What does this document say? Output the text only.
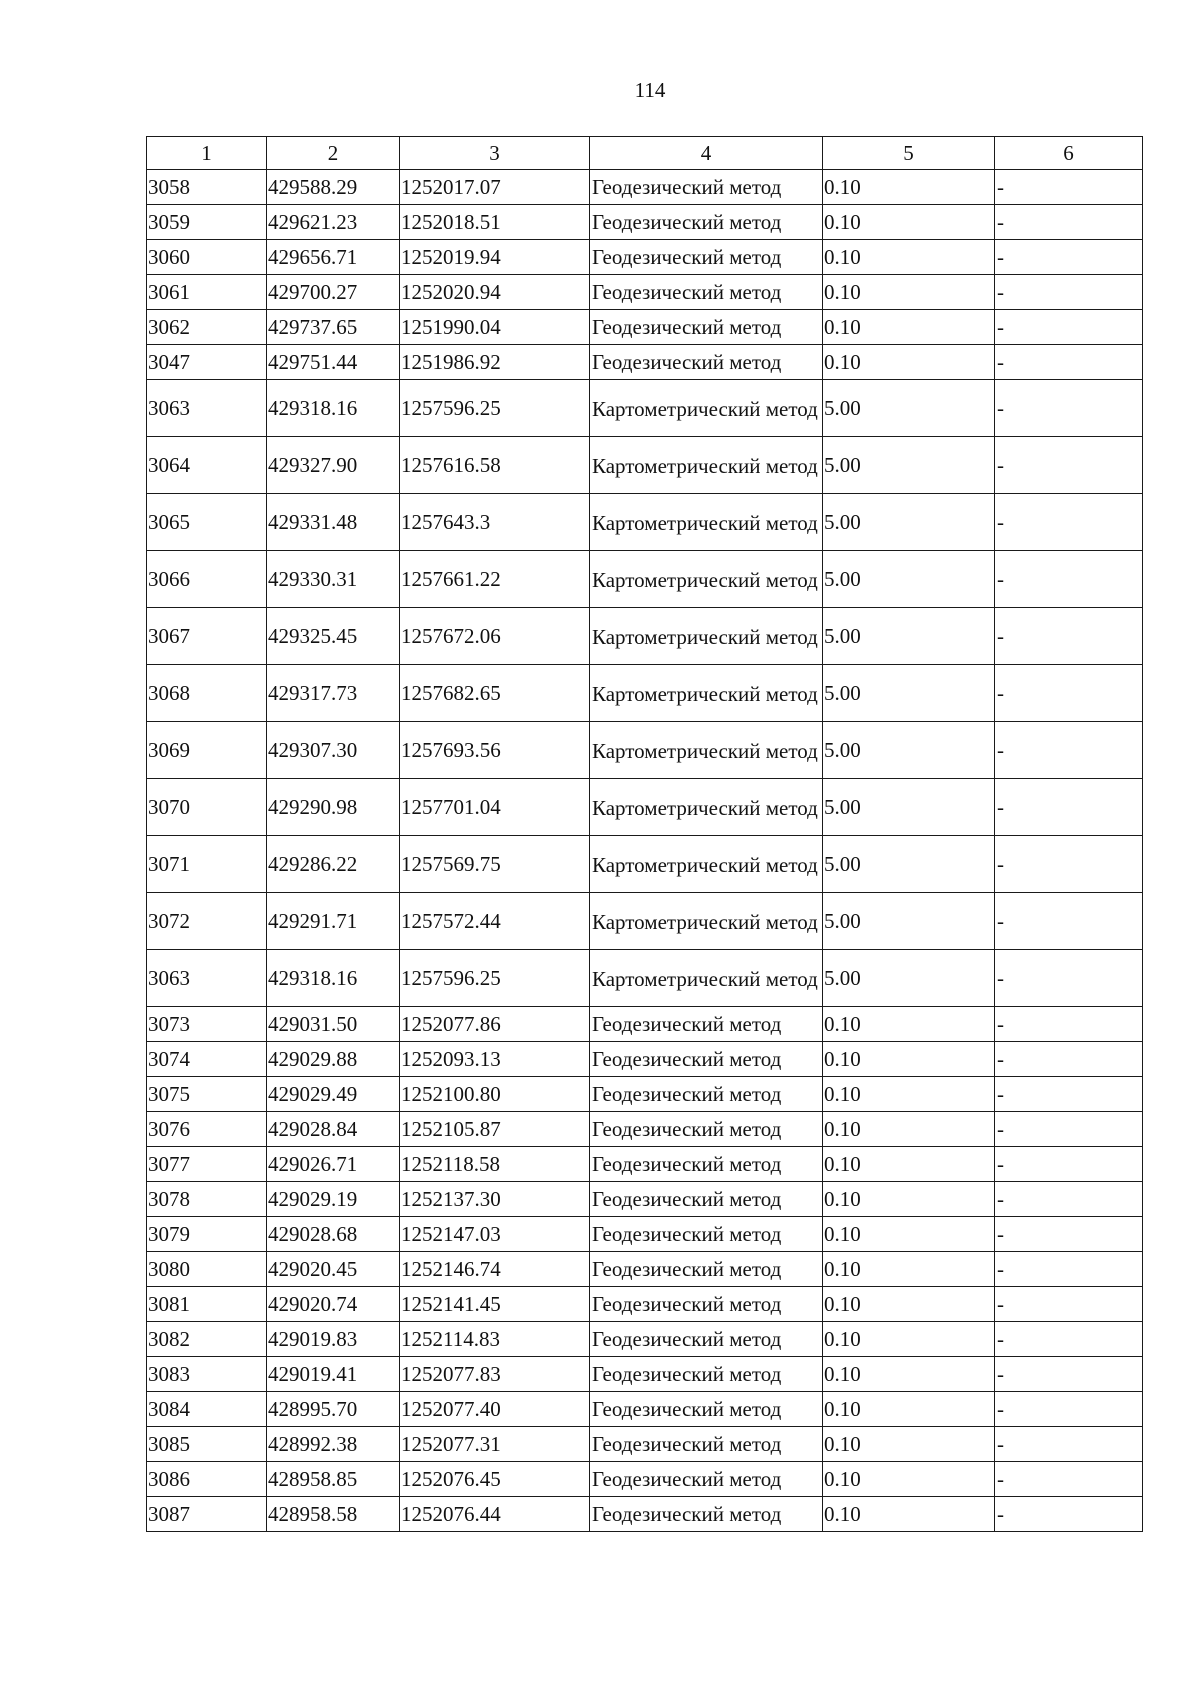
114
1	2	3	4	5	6
3058	429588.29	1252017.07	Геодезический метод	0.10	-
3059	429621.23	1252018.51	Геодезический метод	0.10	-
3060	429656.71	1252019.94	Геодезический метод	0.10	-
3061	429700.27	1252020.94	Геодезический метод	0.10	-
3062	429737.65	1251990.04	Геодезический метод	0.10	-
3047	429751.44	1251986.92	Геодезический метод	0.10	-
3063	429318.16	1257596.25	Картометрический метод	5.00	-
3064	429327.90	1257616.58	Картометрический метод	5.00	-
3065	429331.48	1257643.3	Картометрический метод	5.00	-
3066	429330.31	1257661.22	Картометрический метод	5.00	-
3067	429325.45	1257672.06	Картометрический метод	5.00	-
3068	429317.73	1257682.65	Картометрический метод	5.00	-
3069	429307.30	1257693.56	Картометрический метод	5.00	-
3070	429290.98	1257701.04	Картометрический метод	5.00	-
3071	429286.22	1257569.75	Картометрический метод	5.00	-
3072	429291.71	1257572.44	Картометрический метод	5.00	-
3063	429318.16	1257596.25	Картометрический метод	5.00	-
3073	429031.50	1252077.86	Геодезический метод	0.10	-
3074	429029.88	1252093.13	Геодезический метод	0.10	-
3075	429029.49	1252100.80	Геодезический метод	0.10	-
3076	429028.84	1252105.87	Геодезический метод	0.10	-
3077	429026.71	1252118.58	Геодезический метод	0.10	-
3078	429029.19	1252137.30	Геодезический метод	0.10	-
3079	429028.68	1252147.03	Геодезический метод	0.10	-
3080	429020.45	1252146.74	Геодезический метод	0.10	-
3081	429020.74	1252141.45	Геодезический метод	0.10	-
3082	429019.83	1252114.83	Геодезический метод	0.10	-
3083	429019.41	1252077.83	Геодезический метод	0.10	-
3084	428995.70	1252077.40	Геодезический метод	0.10	-
3085	428992.38	1252077.31	Геодезический метод	0.10	-
3086	428958.85	1252076.45	Геодезический метод	0.10	-
3087	428958.58	1252076.44	Геодезический метод	0.10	-
